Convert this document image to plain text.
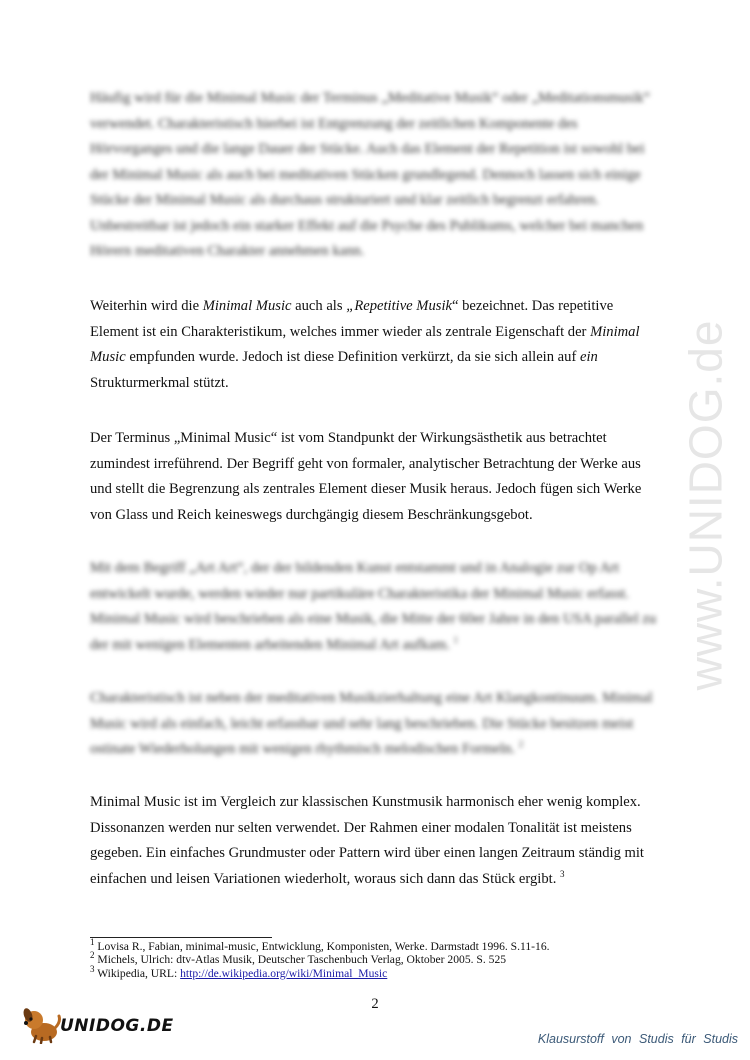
www.UNIDOG.de

Häufig wird für die Minimal Music der Terminus „Meditative Musik“ oder „Meditationsmusik“ verwendet. Charakteristisch hierbei ist Entgrenzung der zeitlichen Komponente des Hörvorganges und die lange Dauer der Stücke. Auch das Element der Repetition ist sowohl bei der Minimal Music als auch bei meditativen Stücken grundlegend. Dennoch lassen sich einige Stücke der Minimal Music als durchaus strukturiert und klar zeitlich begrenzt erfahren. Unbestreitbar ist jedoch ein starker Effekt auf die Psyche des Publikums, welcher bei manchen Hörern meditativen Charakter annehmen kann.

Weiterhin wird die Minimal Music auch als „Repetitive Musik“ bezeichnet. Das repetitive Element ist ein Charakteristikum, welches immer wieder als zentrale Eigenschaft der Minimal Music empfunden wurde. Jedoch ist diese Definition verkürzt, da sie sich allein auf ein Strukturmerkmal stützt.

Der Terminus „Minimal Music“ ist vom Standpunkt der Wirkungsästhetik aus betrachtet zumindest irreführend. Der Begriff geht von formaler, analytischer Betrachtung der Werke aus und stellt die Begrenzung als zentrales Element dieser Musik heraus. Jedoch fügen sich Werke von Glass und Reich keineswegs durchgängig diesem Beschränkungsgebot.

Mit dem Begriff „Art Art“, der der bildenden Kunst entstammt und in Analogie zur Op Art entwickelt wurde, werden wieder nur partikuläre Charakteristika der Minimal Music erfasst. Minimal Music wird beschrieben als eine Musik, die Mitte der 60er Jahre in den USA parallel zu der mit wenigen Elementen arbeitenden Minimal Art aufkam. $^1$

Charakteristisch ist neben der meditativen Musikzierhaltung eine Art Klangkontinuum. Minimal Music wird als einfach, leicht erfassbar und sehr lang beschrieben. Die Stücke besitzen meist ostinate Wiederholungen mit wenigen rhythmisch melodischen Formeln. $^2$

Minimal Music ist im Vergleich zur klassischen Kunstmusik harmonisch eher wenig komplex. Dissonanzen werden nur selten verwendet. Der Rahmen einer modalen Tonalität ist meistens gegeben. Ein einfaches Grundmuster oder Pattern wird über einen langen Zeitraum ständig mit einfachen und leisen Variationen wiederholt, woraus sich dann das Stück ergibt. $^3$

$^1$ Lovisa R., Fabian, minimal-music, Entwicklung, Komponisten, Werke. Darmstadt 1996. S.11-16.
$^2$ Michels, Ulrich: dtv-Atlas Musik, Deutscher Taschenbuch Verlag, Oktober 2005. S. 525
$^3$ Wikipedia, URL: http://de.wikipedia.org/wiki/Minimal_Music
2
UNIDOG.DE
Klausurstoff von Studis für Studis
